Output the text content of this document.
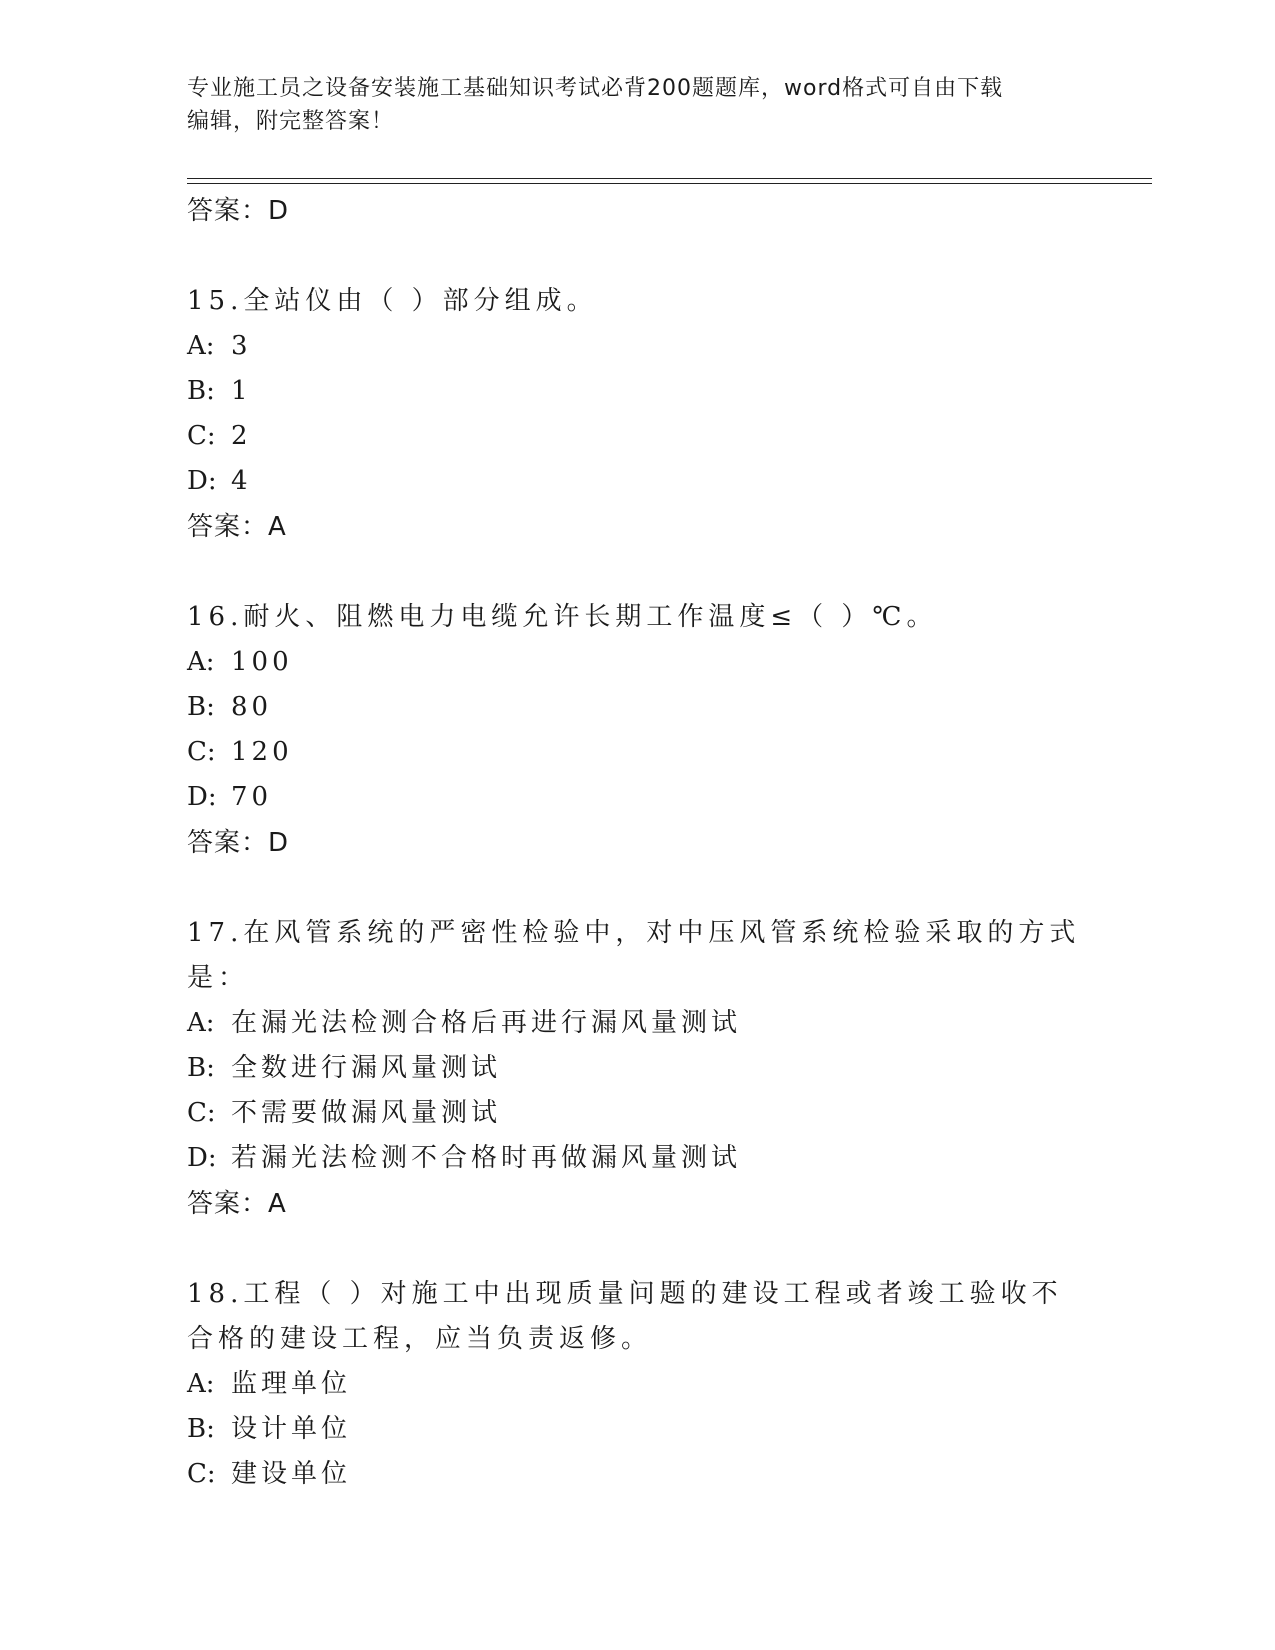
专业施工员之设备安装施工基础知识考试必背200题题库，word格式可自由下载
编辑，附完整答案！
答案：D
15.全站仪由（ ）部分组成。
A: 3
B: 1
C: 2
D: 4
答案：A
16.耐火、阻燃电力电缆允许长期工作温度≤（ ）℃。
A: 100
B: 80
C: 120
D: 70
答案：D
17.在风管系统的严密性检验中，对中压风管系统检验采取的方式是：
A: 在漏光法检测合格后再进行漏风量测试
B: 全数进行漏风量测试
C: 不需要做漏风量测试
D: 若漏光法检测不合格时再做漏风量测试
答案：A
18.工程（ ）对施工中出现质量问题的建设工程或者竣工验收不合格的建设工程，应当负责返修。
A: 监理单位
B: 设计单位
C: 建设单位
